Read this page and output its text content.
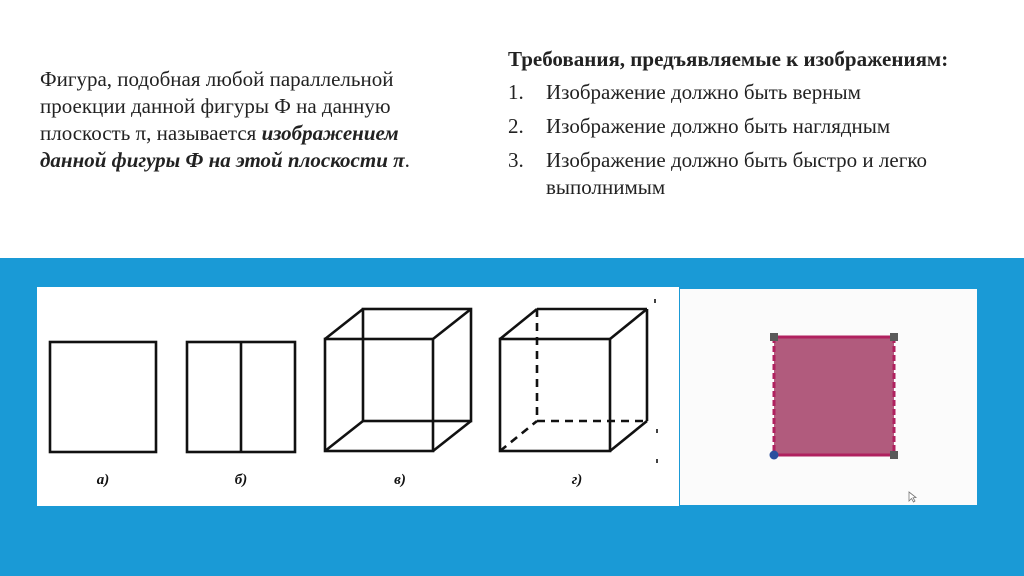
Фигура, подобная любой параллельной проекции данной фигуры Ф на данную плоскость π, называется изображением данной фигуры Ф на этой плоскости π.
Требования, предъявляемые к изображениям:
1. Изображение должно быть верным
2. Изображение должно быть наглядным
3. Изображение должно быть быстро и легко выполнимым
а)	б)	в)	г)
